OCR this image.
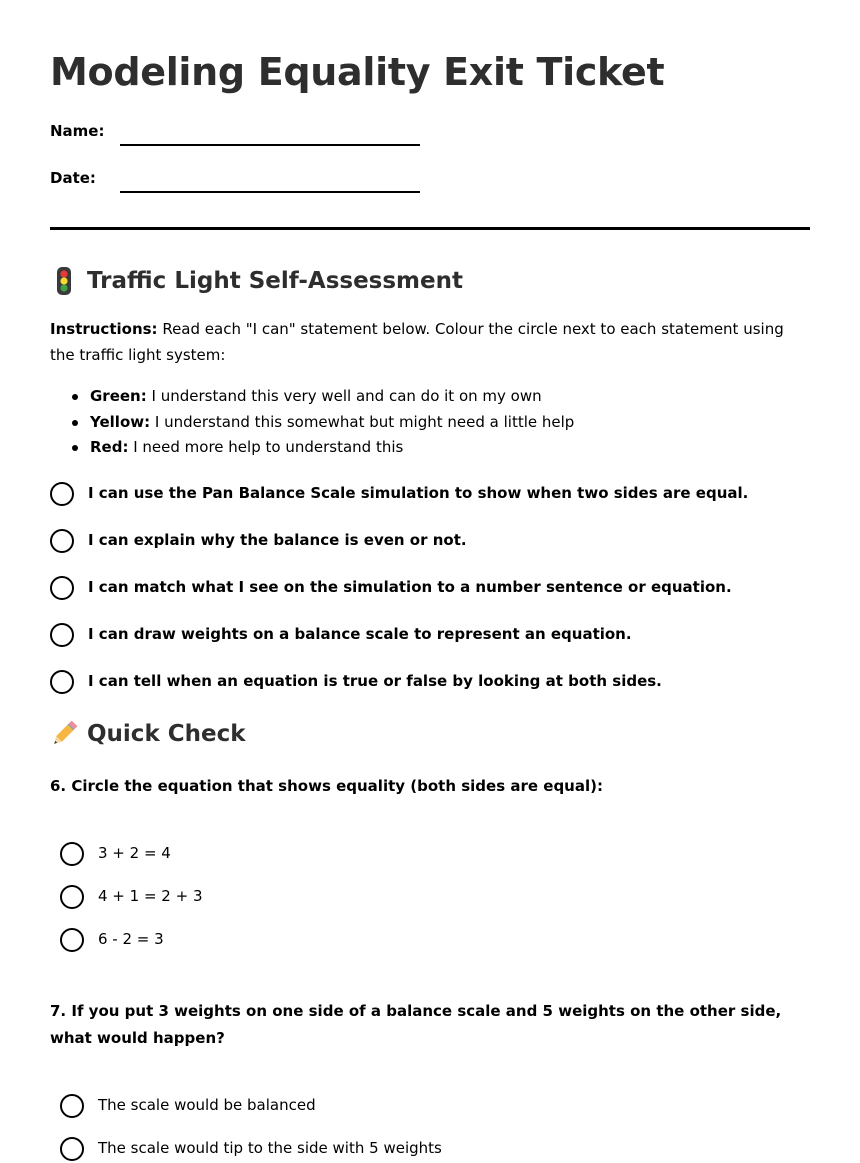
Modeling Equality Exit Ticket
Name:
Date:
Traffic Light Self-Assessment
Instructions: Read each "I can" statement below. Colour the circle next to each statement using the traffic light system:
Green: I understand this very well and can do it on my own
Yellow: I understand this somewhat but might need a little help
Red: I need more help to understand this
I can use the Pan Balance Scale simulation to show when two sides are equal.
I can explain why the balance is even or not.
I can match what I see on the simulation to a number sentence or equation.
I can draw weights on a balance scale to represent an equation.
I can tell when an equation is true or false by looking at both sides.
Quick Check
6. Circle the equation that shows equality (both sides are equal):
3 + 2 = 4
4 + 1 = 2 + 3
6 - 2 = 3
7. If you put 3 weights on one side of a balance scale and 5 weights on the other side, what would happen?
The scale would be balanced
The scale would tip to the side with 5 weights
